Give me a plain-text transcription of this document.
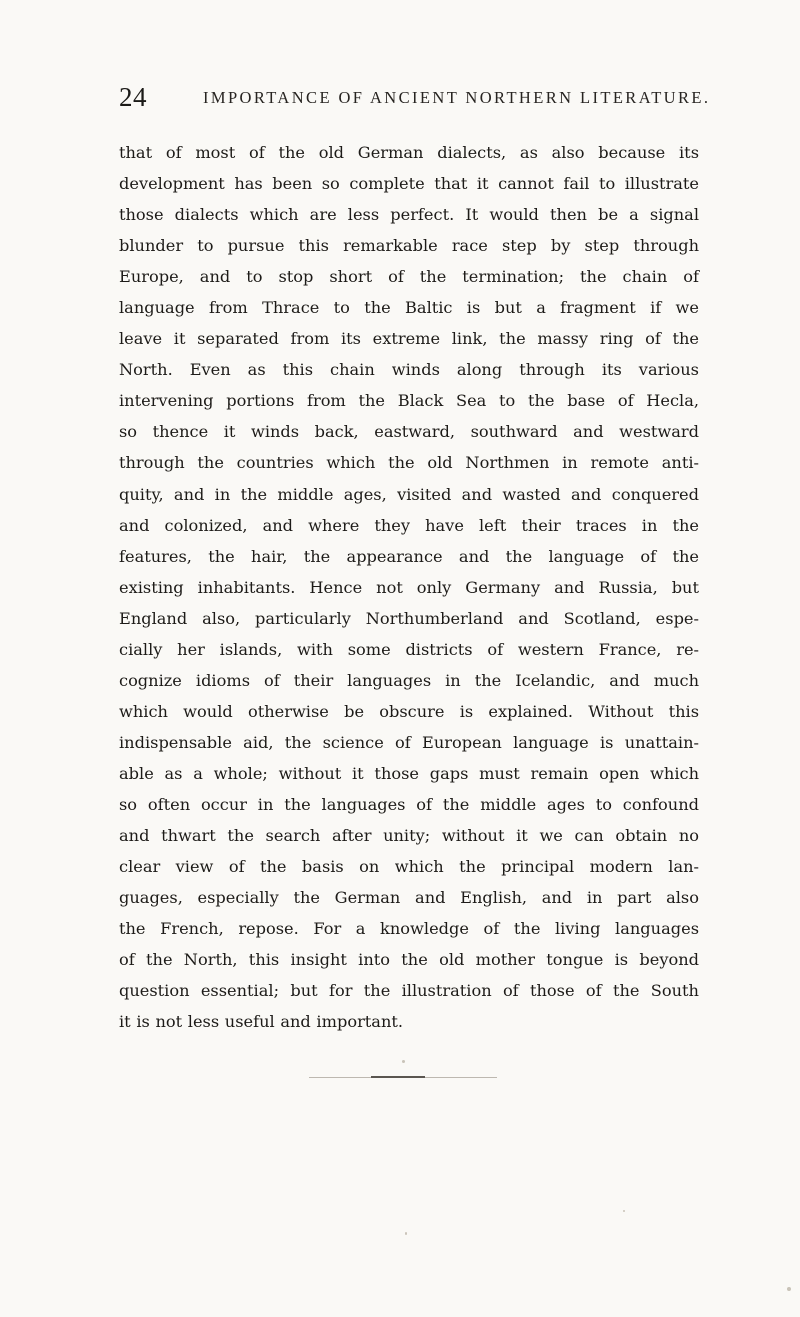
24	IMPORTANCE OF ANCIENT NORTHERN LITERATURE.
that of most of the old German dialects, as also because its
development has been so complete that it cannot fail to illustrate
those dialects which are less perfect. It would then be a signal
blunder to pursue this remarkable race step by step through
Europe, and to stop short of the termination; the chain of
language from Thrace to the Baltic is but a fragment if we
leave it separated from its extreme link, the massy ring of the
North. Even as this chain winds along through its various
intervening portions from the Black Sea to the base of Hecla,
so thence it winds back, eastward, southward and westward
through the countries which the old Northmen in remote anti-
quity, and in the middle ages, visited and wasted and conquered
and colonized, and where they have left their traces in the
features, the hair, the appearance and the language of the
existing inhabitants. Hence not only Germany and Russia, but
England also, particularly Northumberland and Scotland, espe-
cially her islands, with some districts of western France, re-
cognize idioms of their languages in the Icelandic, and much
which would otherwise be obscure is explained. Without this
indispensable aid, the science of European language is unattain-
able as a whole; without it those gaps must remain open which
so often occur in the languages of the middle ages to confound
and thwart the search after unity; without it we can obtain no
clear view of the basis on which the principal modern lan-
guages, especially the German and English, and in part also
the French, repose. For a knowledge of the living languages
of the North, this insight into the old mother tongue is beyond
question essential; but for the illustration of those of the South
it is not less useful and important.
